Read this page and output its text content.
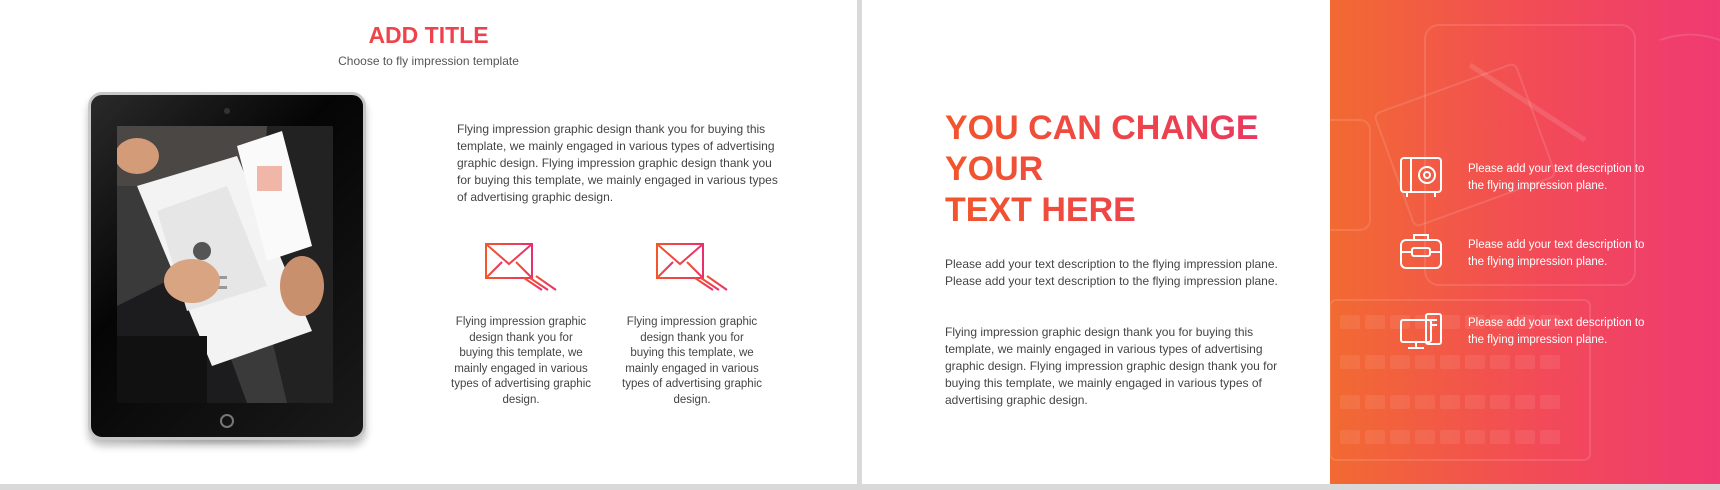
ADD TITLE
Choose to fly impression template
Flying impression graphic design thank you for buying this template, we mainly engaged in various types of advertising graphic design. Flying impression graphic design thank you for buying this template, we mainly engaged in various types of advertising graphic design.
Flying impression graphic design thank you for buying this template, we mainly engaged in various types of advertising graphic design.
Flying impression graphic design thank you for buying this template, we mainly engaged in various types of advertising graphic design.
YOU CAN CHANGE
YOUR
TEXT HERE
Please add your text description to the flying impression plane. Please add your text description to the flying impression plane.
Flying impression graphic design thank you for buying this template, we mainly engaged in various types of advertising graphic design. Flying impression graphic design thank you for buying this template, we mainly engaged in various types of advertising graphic design.
Please add your text description to the flying impression plane.
Please add your text description to the flying impression plane.
Please add your text description to the flying impression plane.
